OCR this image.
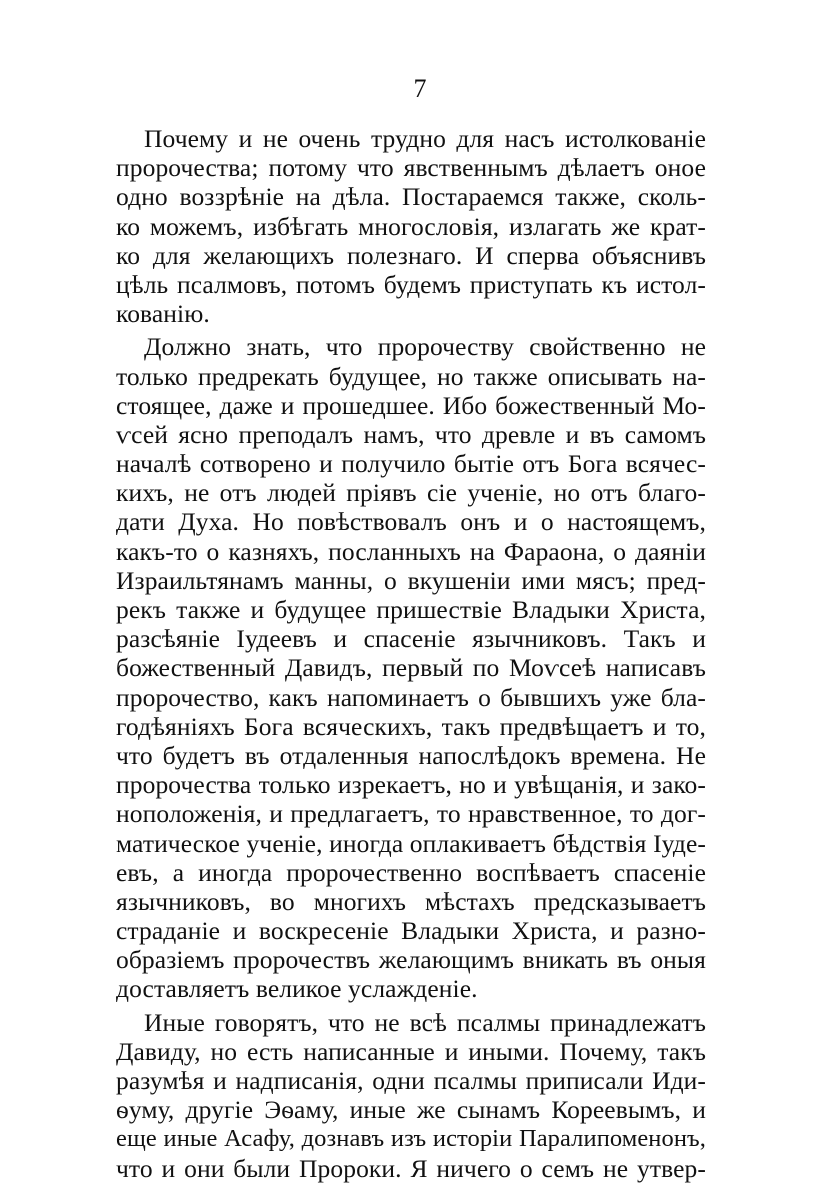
7
Почему и не очень трудно для насъ истолкованіе
пророчества; потому что явственнымъ дѣлаетъ оное
одно воззрѣніе на дѣла. Постараемся также, сколь-
ко можемъ, избѣгать многословія, излагать же крат-
ко для желающихъ полезнаго. И сперва объяснивъ
цѣль псалмовъ, потомъ будемъ приступать къ истол-
кованію.
Должно знать, что пророчеству свойственно не
только предрекать будущее, но также описывать на-
стоящее, даже и прошедшее. Ибо божественный Мо-
ѵсей ясно преподалъ намъ, что древле и въ самомъ
началѣ сотворено и получило бытіе отъ Бога всячес-
кихъ, не отъ людей пріявъ сіе ученіе, но отъ благо-
дати Духа. Но повѣствовалъ онъ и о настоящемъ,
какъ-то о казняхъ, посланныхъ на Фараона, о даяніи
Израильтянамъ манны, о вкушеніи ими мясъ; пред-
рекъ также и будущее пришествіе Владыки Христа,
разсѣяніе Іудеевъ и спасеніе язычниковъ. Такъ и
божественный Давидъ, первый по Моѵсеѣ написавъ
пророчество, какъ напоминаетъ о бывшихъ уже бла-
годѣяніяхъ Бога всяческихъ, такъ предвѣщаетъ и то,
что будетъ въ отдаленныя напослѣдокъ времена. Не
пророчества только изрекаетъ, но и увѣщанія, и зако-
ноположенія, и предлагаетъ, то нравственное, то дог-
матическое ученіе, иногда оплакиваетъ бѣдствія Іуде-
евъ, а иногда пророчественно воспѣваетъ спасеніе
язычниковъ, во многихъ мѣстахъ предсказываетъ
страданіе и воскресеніе Владыки Христа, и разно-
образіемъ пророчествъ желающимъ вникать въ оныя
доставляетъ великое услажденіе.
Иные говорятъ, что не всѣ псалмы принадлежатъ
Давиду, но есть написанные и иными. Почему, такъ
разумѣя и надписанія, одни псалмы приписали Иди-
ѳуму, другіе Эѳаму, иные же сынамъ Кореевымъ, и
еще иные Асафу, дознавъ изъ исторіи Паралипоменонъ,
что и они были Пророки. Я ничего о семъ не утвер-
